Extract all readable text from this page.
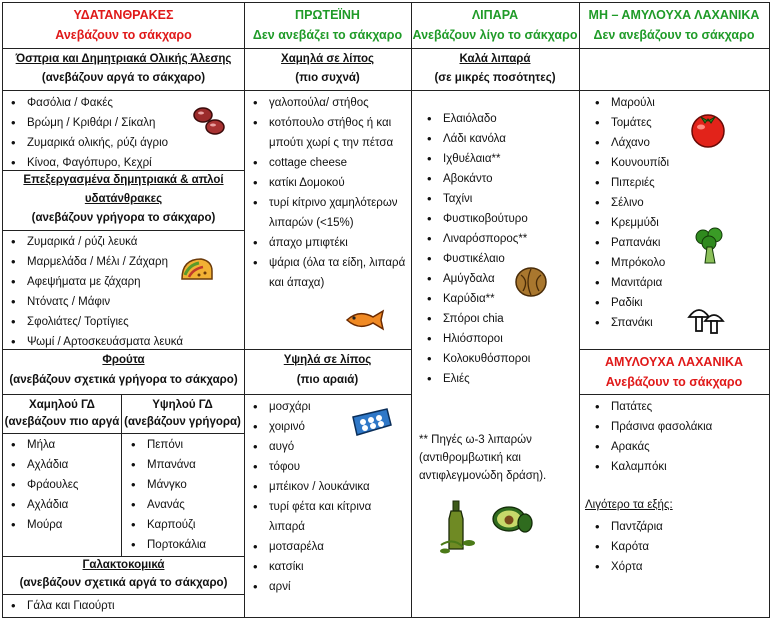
ΥΔΑΤΑΝΘΡΑΚΕΣ
Ανεβάζουν το σάκχαρο
ΠΡΩΤΕΪΝΗ
Δεν ανεβάζει το σάκχαρο
ΛΙΠΑΡΑ
Ανεβάζουν λίγο το σάκχαρο
ΜΗ – ΑΜΥΛΟΥΧΑ ΛΑΧΑΝΙΚΑ
Δεν ανεβάζουν το σάκχαρο
Όσπρια και Δημητριακά Ολικής Άλεσης
(ανεβάζουν αργά το σάκχαρο)
• Φασόλια / Φακές
• Βρώμη / Κριθάρι / Σίκαλη
• Ζυμαρικά ολικής, ρύζι άγριο
• Κίνοα, Φαγόπυρο, Κεχρί
Επεξεργασμένα δημητριακά & απλοί
υδατάνθρακες
(ανεβάζουν γρήγορα το σάκχαρο)
• Ζυμαρικά / ρύζι λευκά
• Μαρμελάδα / Μέλι / Ζάχαρη
• Αφεψήματα με ζάχαρη
• Ντόνατς / Μάφιν
• Σφολιάτες/ Τορτίγιες
• Ψωμί / Αρτοσκευάσματα λευκά
Φρούτα
(ανεβάζουν σχετικά γρήγορα το σάκχαρο)
Χαμηλού ΓΔ
(ανεβάζουν πιο αργά
Υψηλού ΓΔ
(ανεβάζουν γρήγορα)
• Μήλα
• Αχλάδια
• Φράουλες
• Αχλάδια
• Μούρα
• Πεπόνι
• Μπανάνα
• Μάνγκο
• Ανανάς
• Καρπούζι
• Πορτοκάλια
Γαλακτοκομικά
(ανεβάζουν σχετικά αργά το σάκχαρο)
• Γάλα και Γιαούρτι
Χαμηλά σε λίπος
(πιο συχνά)
• γαλοπούλα/ στήθος
• κοτόπουλο στήθος ή και μπούτι χωρί ς την πέτσα
• cottage cheese
• κατίκι Δομοκού
• τυρί κίτρινο χαμηλότερων λιπαρών (<15%)
• άπαχο μπιφτέκι
• ψάρια (όλα τα είδη, λιπαρά και άπαχα)
Υψηλά σε λίπος
(πιο αραιά)
• μοσχάρι
• χοιρινό
• αυγό
• τόφου
• μπέικον / λουκάνικα
• τυρί φέτα και κίτρινα λιπαρά
• μοτσαρέλα
• κατσίκι
• αρνί
Καλά λιπαρά
(σε μικρές ποσότητες)
• Ελαιόλαδο
• Λάδι κανόλα
• Ιχθυέλαια**
• Αβοκάντο
• Ταχίνι
• Φυστικοβούτυρο
• Λιναρόσπορος**
• Φυστικέλαιο
• Αμύγδαλα
• Καρύδια**
• Σπόροι chia
• Ηλιόσποροι
• Κολοκυθόσποροι
• Ελιές
** Πηγές ω-3 λιπαρών
(αντιθρομβωτική και
αντιφλεγμονώδη δράση).
• Μαρούλι
• Τομάτες
• Λάχανο
• Κουνουπίδι
• Πιπεριές
• Σέλινο
• Κρεμμύδι
• Ραπανάκι
• Μπρόκολο
• Μανιτάρια
• Ραδίκι
• Σπανάκι
ΑΜΥΛΟΥΧΑ ΛΑΧΑΝΙΚΑ
Ανεβάζουν το σάκχαρο
• Πατάτες
• Πράσινα φασολάκια
• Αρακάς
• Καλαμπόκι
Λιγότερο τα εξής:
• Παντζάρια
• Καρότα
• Χόρτα
